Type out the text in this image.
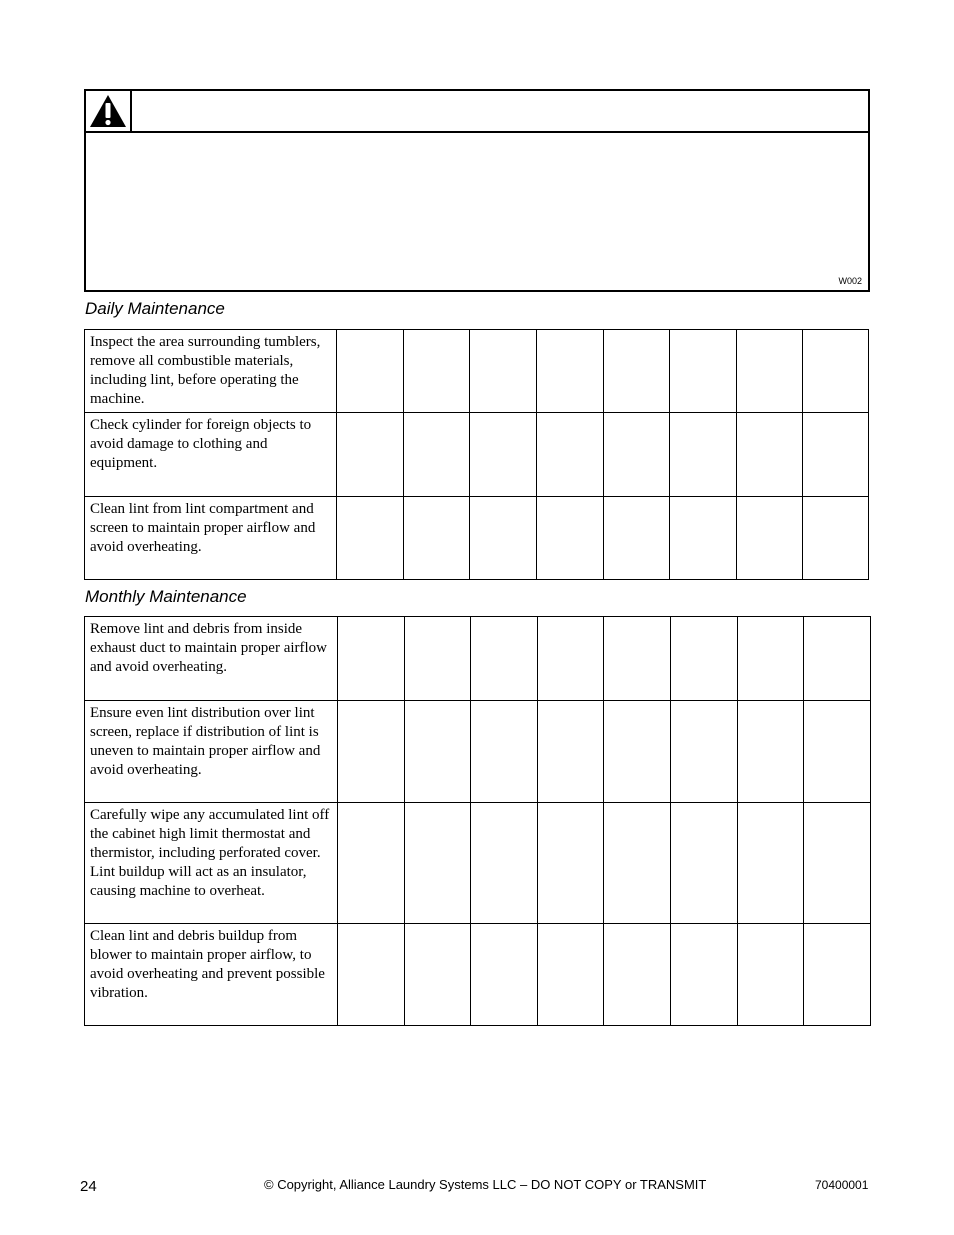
W002
Daily Maintenance
Inspect the area surrounding tumblers, remove all combustible materials, including lint, before operating the machine.								
Check cylinder for foreign objects to avoid damage to clothing and equipment.								
Clean lint from lint compartment and screen to maintain proper airflow and avoid overheating.								
Monthly Maintenance
Remove lint and debris from inside exhaust duct to maintain proper airflow and avoid overheating.								
Ensure even lint distribution over lint screen, replace if distribution of lint is uneven to maintain proper airflow and avoid overheating.								
Carefully wipe any accumulated lint off the cabinet high limit thermostat and thermistor, including perforated cover. Lint buildup will act as an insulator, causing machine to overheat.								
Clean lint and debris buildup from blower to maintain proper airflow, to avoid overheating and prevent possible vibration.								
24	© Copyright, Alliance Laundry Systems LLC – DO NOT COPY or TRANSMIT	70400001
